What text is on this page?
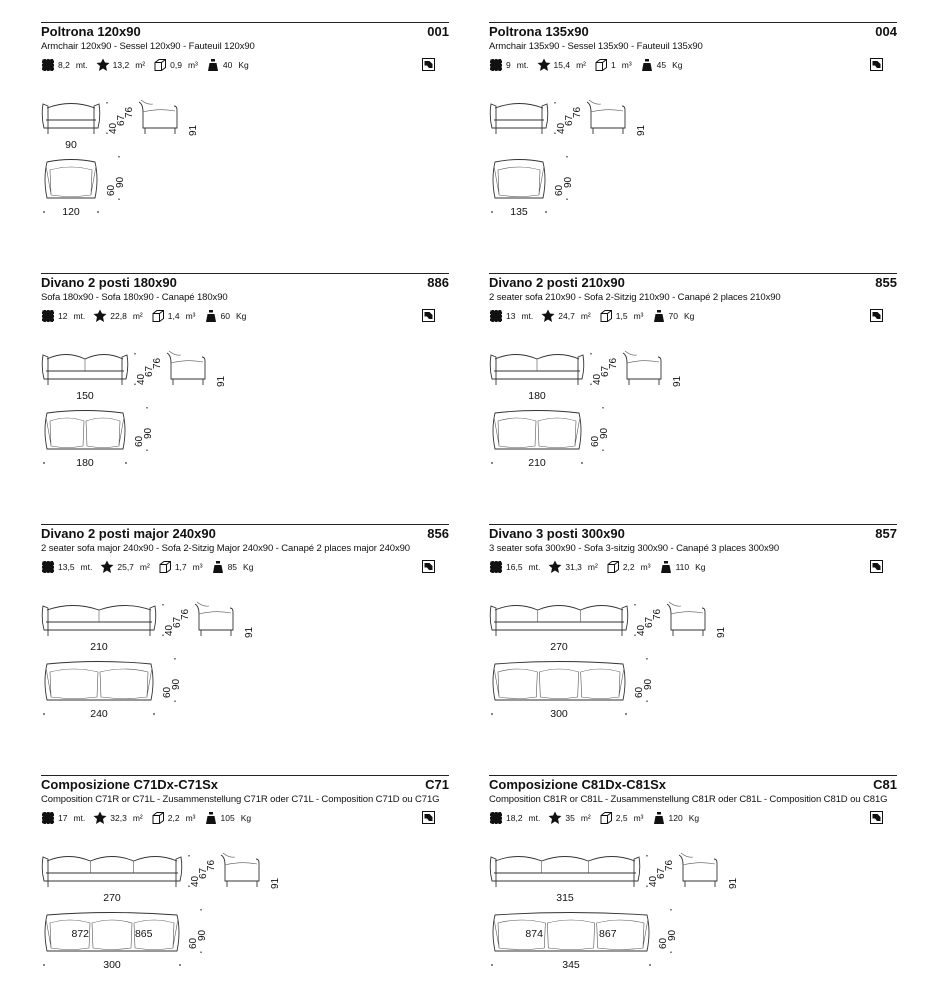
Poltrona 120x90	001
Armchair 120x90 - Sessel 120x90 - Fauteuil 120x90
8,2 mt.	13,2 m²	0,9 m³	40 Kg
40
67
76
91
90
60
90
120
Poltrona 135x90	004
Armchair 135x90 - Sessel 135x90 - Fauteuil 135x90
9 mt.	15,4 m²	1 m³	45 Kg
40
67
76
91
60
90
135
Divano 2 posti 180x90	886
Sofa 180x90 - Sofa 180x90 - Canapé 180x90
12 mt.	22,8 m²	1,4 m³	60 Kg
40
67
76
91
150
60
90
180
Divano 2 posti 210x90	855
2 seater sofa 210x90 - Sofa 2-Sitzig 210x90 - Canapé 2 places 210x90
13 mt.	24,7 m²	1,5 m³	70 Kg
40
67
76
91
180
60
90
210
Divano 2 posti major 240x90	856
2 seater sofa major 240x90 - Sofa 2-Sitzig Major 240x90 - Canapé 2 places major 240x90
13,5 mt.	25,7 m²	1,7 m³	85 Kg
40
67
76
91
210
60
90
240
Divano 3 posti 300x90	857
3 seater sofa 300x90 - Sofa 3-sitzig 300x90 - Canapé 3 places 300x90
16,5 mt.	31,3 m²	2,2 m³	110 Kg
40
67
76
91
270
60
90
300
Composizione C71Dx-C71Sx	C71
Composition C71R or C71L - Zusammenstellung C71R oder C71L - Composition C71D ou C71G
17 mt.	32,3 m²	2,2 m³	105 Kg
40
67
76
91
270
872	865
60
90
300
Composizione C81Dx-C81Sx	C81
Composition C81R or C81L - Zusammenstellung C81R oder C81L - Composition C81D ou C81G
18,2 mt.	35 m²	2,5 m³	120 Kg
40
67
76
91
315
874	867
60
90
345
